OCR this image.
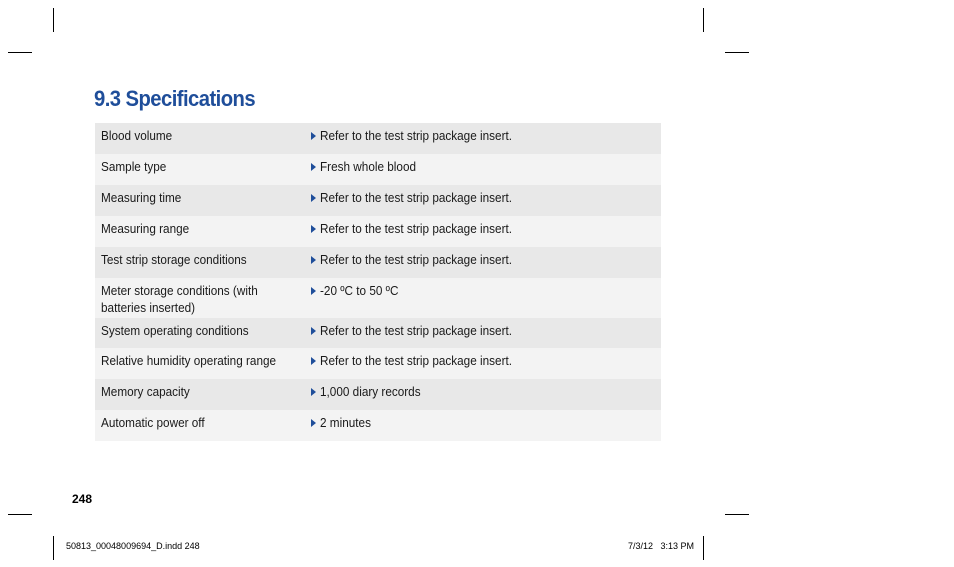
9.3 Specifications
Blood volume	Refer to the test strip package insert.

Sample type	Fresh whole blood

Measuring time	Refer to the test strip package insert.

Measuring range	Refer to the test strip package insert.

Test strip storage conditions	Refer to the test strip package insert.

Meter storage conditions (with batteries inserted)	-20 ºC to 50 ºC

System operating conditions	Refer to the test strip package insert.

Relative humidity operating range	Refer to the test strip package insert.

Memory capacity	1,000 diary records

Automatic power off	2 minutes
248
50813_00048009694_D.indd 248	7/3/12   3:13 PM
